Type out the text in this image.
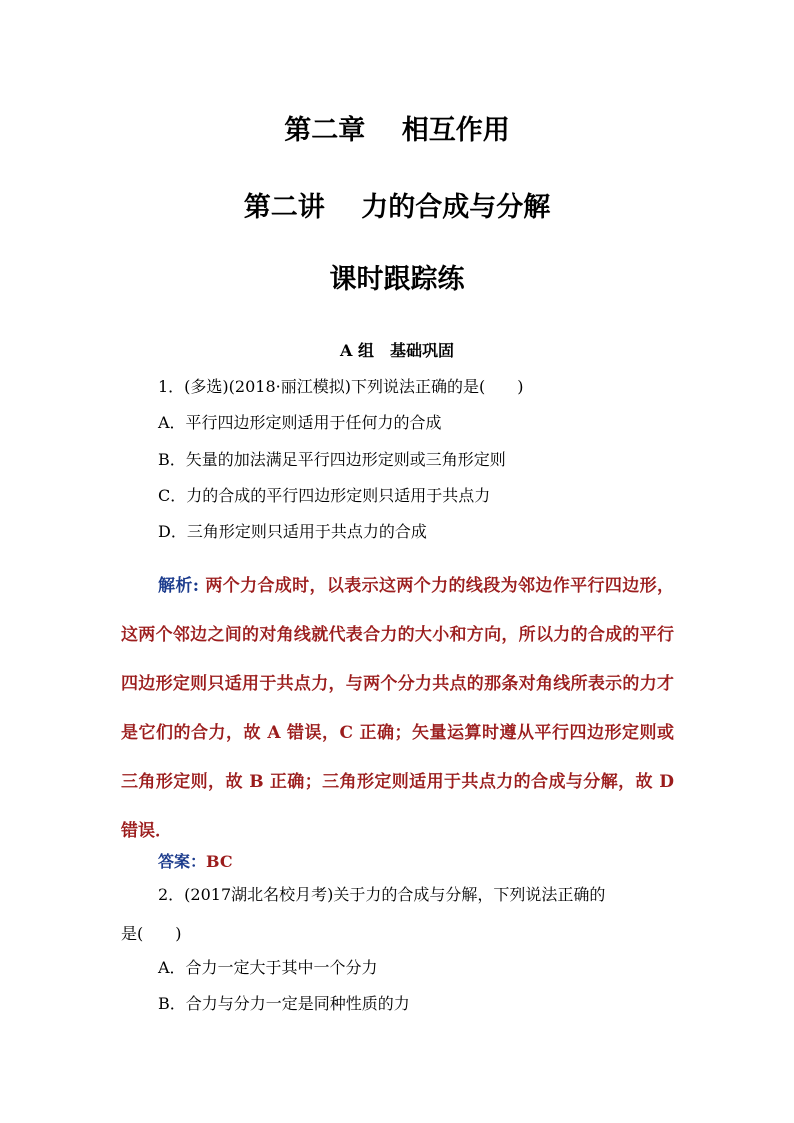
第二章　 相互作用
第二讲　 力的合成与分解
课时跟踪练
A 组　基础巩固
1．(多选)(2018·丽江模拟)下列说法正确的是(　　)
A．平行四边形定则适用于任何力的合成
B．矢量的加法满足平行四边形定则或三角形定则
C．力的合成的平行四边形定则只适用于共点力
D．三角形定则只适用于共点力的合成
解析: 两个力合成时，以表示这两个力的线段为邻边作平行四边形，这两个邻边之间的对角线就代表合力的大小和方向，所以力的合成的平行四边形定则只适用于共点力，与两个分力共点的那条对角线所表示的力才是它们的合力，故 A 错误，C 正确；矢量运算时遵从平行四边形定则或三角形定则，故 B 正确；三角形定则适用于共点力的合成与分解，故 D 错误．
答案：BC
2．(2017湖北名校月考)关于力的合成与分解，下列说法正确的
是(　　)
A．合力一定大于其中一个分力
B．合力与分力一定是同种性质的力
